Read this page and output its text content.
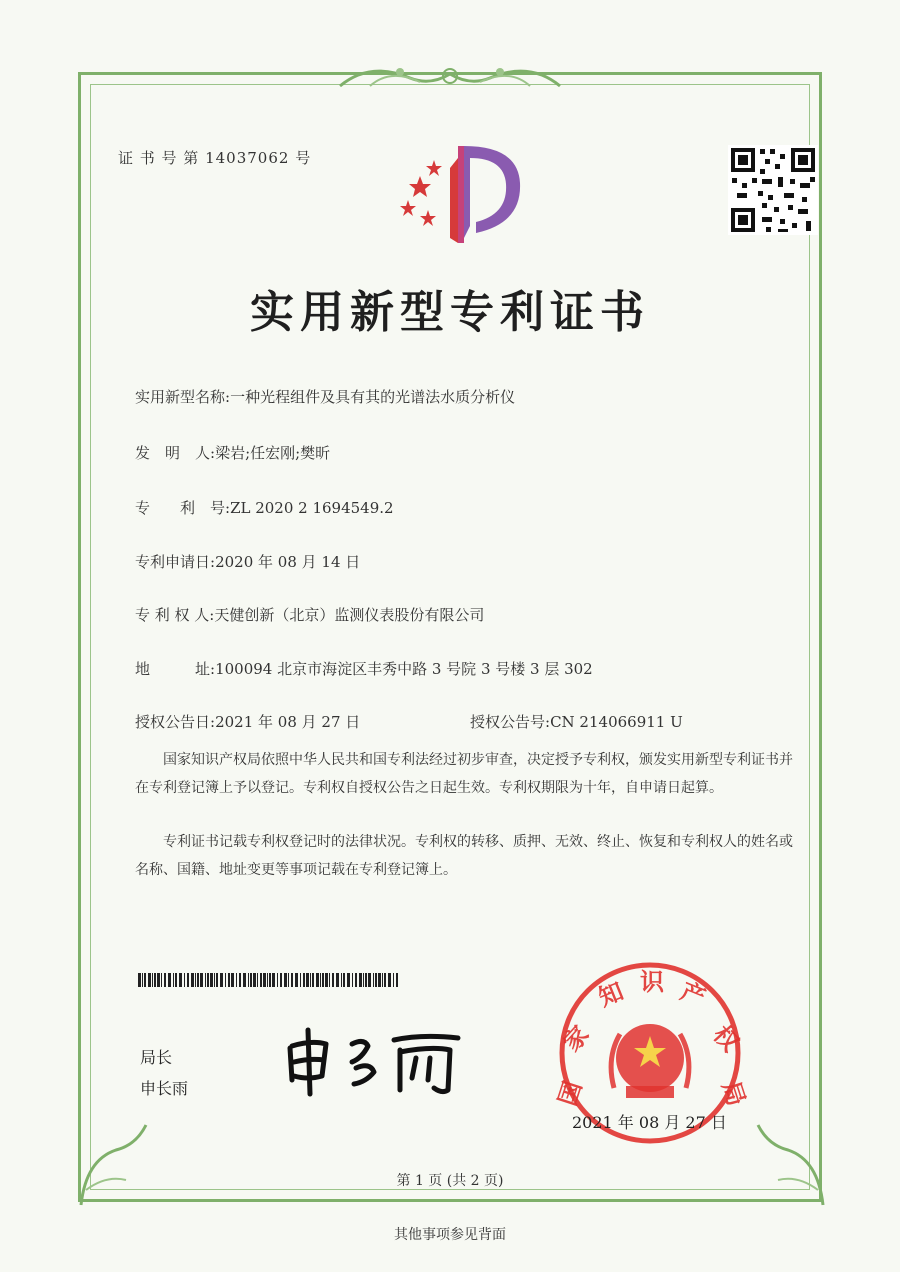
证 书 号 第 14037062 号
实用新型专利证书
实用新型名称:一种光程组件及具有其的光谱法水质分析仪
发　明　人:梁岩;任宏刚;樊昕
专　　利　号:ZL 2020 2 1694549.2
专利申请日:2020 年 08 月 14 日
专 利 权 人:天健创新（北京）监测仪表股份有限公司
地　　　址:100094 北京市海淀区丰秀中路 3 号院 3 号楼 3 层 302
授权公告日:2021 年 08 月 27 日	授权公告号:CN 214066911 U
国家知识产权局依照中华人民共和国专利法经过初步审查，决定授予专利权，颁发实用新型专利证书并在专利登记簿上予以登记。专利权自授权公告之日起生效。专利权期限为十年，自申请日起算。
专利证书记载专利权登记时的法律状况。专利权的转移、质押、无效、终止、恢复和专利权人的姓名或名称、国籍、地址变更等事项记载在专利登记簿上。
局长
申长雨	国
家
知 识 产
权
局
2021 年 08 月 27 日
第 1 页 (共 2 页)
其他事项参见背面
